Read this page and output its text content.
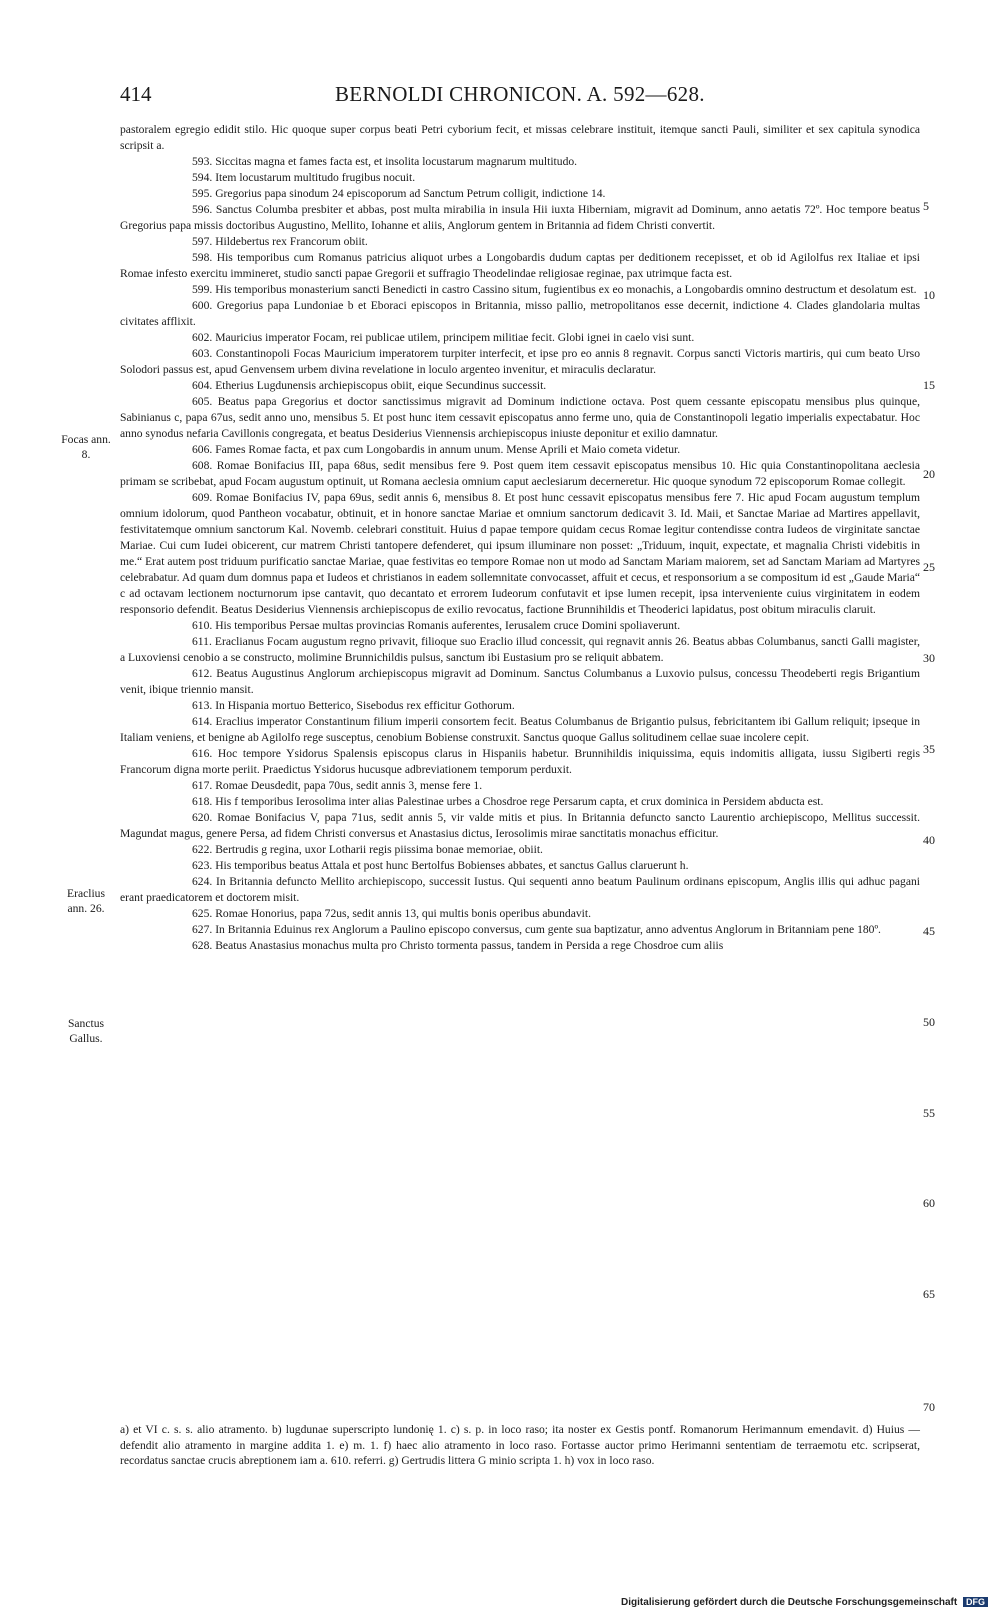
414	BERNOLDI CHRONICON. A. 592—628.

pastoralem egregio edidit stilo. Hic quoque super corpus beati Petri cyborium fecit, et missas celebrare instituit, itemque sancti Pauli, similiter et sex capitula synodica scripsit a.

593. Siccitas magna et fames facta est, et insolita locustarum magnarum multitudo.

594. Item locustarum multitudo frugibus nocuit.

595. Gregorius papa sinodum 24 episcoporum ad Sanctum Petrum colligit, indictione 14.

596. Sanctus Columba presbiter et abbas, post multa mirabilia in insula Hii iuxta Hiberniam, migravit ad Dominum, anno aetatis 72º. Hoc tempore beatus Gregorius papa missis doctoribus Augustino, Mellito, Iohanne et aliis, Anglorum gentem in Britannia ad fidem Christi convertit.

597. Hildebertus rex Francorum obiit.

598. His temporibus cum Romanus patricius aliquot urbes a Longobardis dudum captas per deditionem recepisset, et ob id Agilolfus rex Italiae et ipsi Romae infesto exercitu immineret, studio sancti papae Gregorii et suffragio Theodelindae religiosae reginae, pax utrimque facta est.

599. His temporibus monasterium sancti Benedicti in castro Cassino situm, fugientibus ex eo monachis, a Longobardis omnino destructum et desolatum est.

600. Gregorius papa Lundoniae b et Eboraci episcopos in Britannia, misso pallio, metropolitanos esse decernit, indictione 4. Clades glandolaria multas civitates afflixit.

602. Mauricius imperator Focam, rei publicae utilem, principem militiae fecit. Globi ignei in caelo visi sunt.

603. Constantinopoli Focas Mauricium imperatorem turpiter interfecit, et ipse pro eo annis 8 regnavit. Corpus sancti Victoris martiris, qui cum beato Urso Solodori passus est, apud Genvensem urbem divina revelatione in loculo argenteo invenitur, et miraculis declaratur.

604. Etherius Lugdunensis archiepiscopus obiit, eique Secundinus successit.

605. Beatus papa Gregorius et doctor sanctissimus migravit ad Dominum indictione octava. Post quem cessante episcopatu mensibus plus quinque, Sabinianus c, papa 67us, sedit anno uno, mensibus 5. Et post hunc item cessavit episcopatus anno ferme uno, quia de Constantinopoli legatio imperialis expectabatur. Hoc anno synodus nefaria Cavillonis congregata, et beatus Desiderius Viennensis archiepiscopus iniuste deponitur et exilio damnatur.

606. Fames Romae facta, et pax cum Longobardis in annum unum. Mense Aprili et Maio cometa videtur.

608. Romae Bonifacius III, papa 68us, sedit mensibus fere 9. Post quem item cessavit episcopatus mensibus 10. Hic quia Constantinopolitana aeclesia primam se scribebat, apud Focam augustum optinuit, ut Romana aeclesia omnium caput aeclesiarum decerneretur. Hic quoque synodum 72 episcoporum Romae collegit.

609. Romae Bonifacius IV, papa 69us, sedit annis 6, mensibus 8. Et post hunc cessavit episcopatus mensibus fere 7. Hic apud Focam augustum templum omnium idolorum, quod Pantheon vocabatur, obtinuit, et in honore sanctae Mariae et omnium sanctorum dedicavit 3. Id. Maii, et Sanctae Mariae ad Martires appellavit, festivitatemque omnium sanctorum Kal. Novemb. celebrari constituit. Huius d papae tempore quidam cecus Romae legitur contendisse contra Iudeos de virginitate sanctae Mariae. Cui cum Iudei obicerent, cur matrem Christi tantopere defenderet, qui ipsum illuminare non posset: „Triduum, inquit, expectate, et magnalia Christi videbitis in me.“ Erat autem post triduum purificatio sanctae Mariae, quae festivitas eo tempore Romae non ut modo ad Sanctam Mariam maiorem, set ad Sanctam Mariam ad Martyres celebrabatur. Ad quam dum domnus papa et Iudeos et christianos in eadem sollemnitate convocasset, affuit et cecus, et responsorium a se compositum id est „Gaude Maria“ c ad octavam lectionem nocturnorum ipse cantavit, quo decantato et errorem Iudeorum confutavit et ipse lumen recepit, ipsa interveniente cuius virginitatem in eodem responsorio defendit. Beatus Desiderius Viennensis archiepiscopus de exilio revocatus, factione Brunnihildis et Theoderici lapidatus, post obitum miraculis claruit.

610. His temporibus Persae multas provincias Romanis auferentes, Ierusalem cruce Domini spoliaverunt.

611. Eraclianus Focam augustum regno privavit, filioque suo Eraclio illud concessit, qui regnavit annis 26. Beatus abbas Columbanus, sancti Galli magister, a Luxoviensi cenobio a se constructo, molimine Brunnichildis pulsus, sanctum ibi Eustasium pro se reliquit abbatem.

612. Beatus Augustinus Anglorum archiepiscopus migravit ad Dominum. Sanctus Columbanus a Luxovio pulsus, concessu Theodeberti regis Brigantium venit, ibique triennio mansit.

613. In Hispania mortuo Betterico, Sisebodus rex efficitur Gothorum.

614. Eraclius imperator Constantinum filium imperii consortem fecit. Beatus Columbanus de Brigantio pulsus, febricitantem ibi Gallum reliquit; ipseque in Italiam veniens, et benigne ab Agilolfo rege susceptus, cenobium Bobiense construxit. Sanctus quoque Gallus solitudinem cellae suae incolere cepit.

616. Hoc tempore Ysidorus Spalensis episcopus clarus in Hispaniis habetur. Brunnihildis iniquissima, equis indomitis alligata, iussu Sigiberti regis Francorum digna morte periit. Praedictus Ysidorus hucusque adbreviationem temporum perduxit.

617. Romae Deusdedit, papa 70us, sedit annis 3, mense fere 1.

618. His f temporibus Ierosolima inter alias Palestinae urbes a Chosdroe rege Persarum capta, et crux dominica in Persidem abducta est.

620. Romae Bonifacius V, papa 71us, sedit annis 5, vir valde mitis et pius. In Britannia defuncto sancto Laurentio archiepiscopo, Mellitus successit. Magundat magus, genere Persa, ad fidem Christi conversus et Anastasius dictus, Ierosolimis mirae sanctitatis monachus efficitur.

622. Bertrudis g regina, uxor Lotharii regis piissima bonae memoriae, obiit.

623. His temporibus beatus Attala et post hunc Bertolfus Bobienses abbates, et sanctus Gallus claruerunt h.

624. In Britannia defuncto Mellito archiepiscopo, successit Iustus. Qui sequenti anno beatum Paulinum ordinans episcopum, Anglis illis qui adhuc pagani erant praedicatorem et doctorem misit.

625. Romae Honorius, papa 72us, sedit annis 13, qui multis bonis operibus abundavit.

627. In Britannia Eduinus rex Anglorum a Paulino episcopo conversus, cum gente sua baptizatur, anno adventus Anglorum in Britanniam pene 180º.

628. Beatus Anastasius monachus multa pro Christo tormenta passus, tandem in Persida a rege Chosdroe cum aliis

5
10
15
20
25
30
35
40
45
50
55
60
65
70
Focas ann. 8.
Eraclius ann. 26.
Sanctus Gallus.
a) et VI c. s. s. alio atramento. b) lugdunae superscripto lundonię 1. c) s. p. in loco raso; ita noster ex Gestis pontf. Romanorum Herimannum emendavit. d) Huius — defendit alio atramento in margine addita 1. e) m. 1. f) haec alio atramento in loco raso. Fortasse auctor primo Herimanni sententiam de terraemotu etc. scripserat, recordatus sanctae crucis abreptionem iam a. 610. referri. g) Gertrudis littera G minio scripta 1. h) vox in loco raso.
Digitalisierung gefördert durch die Deutsche Forschungsgemeinschaft DFG
